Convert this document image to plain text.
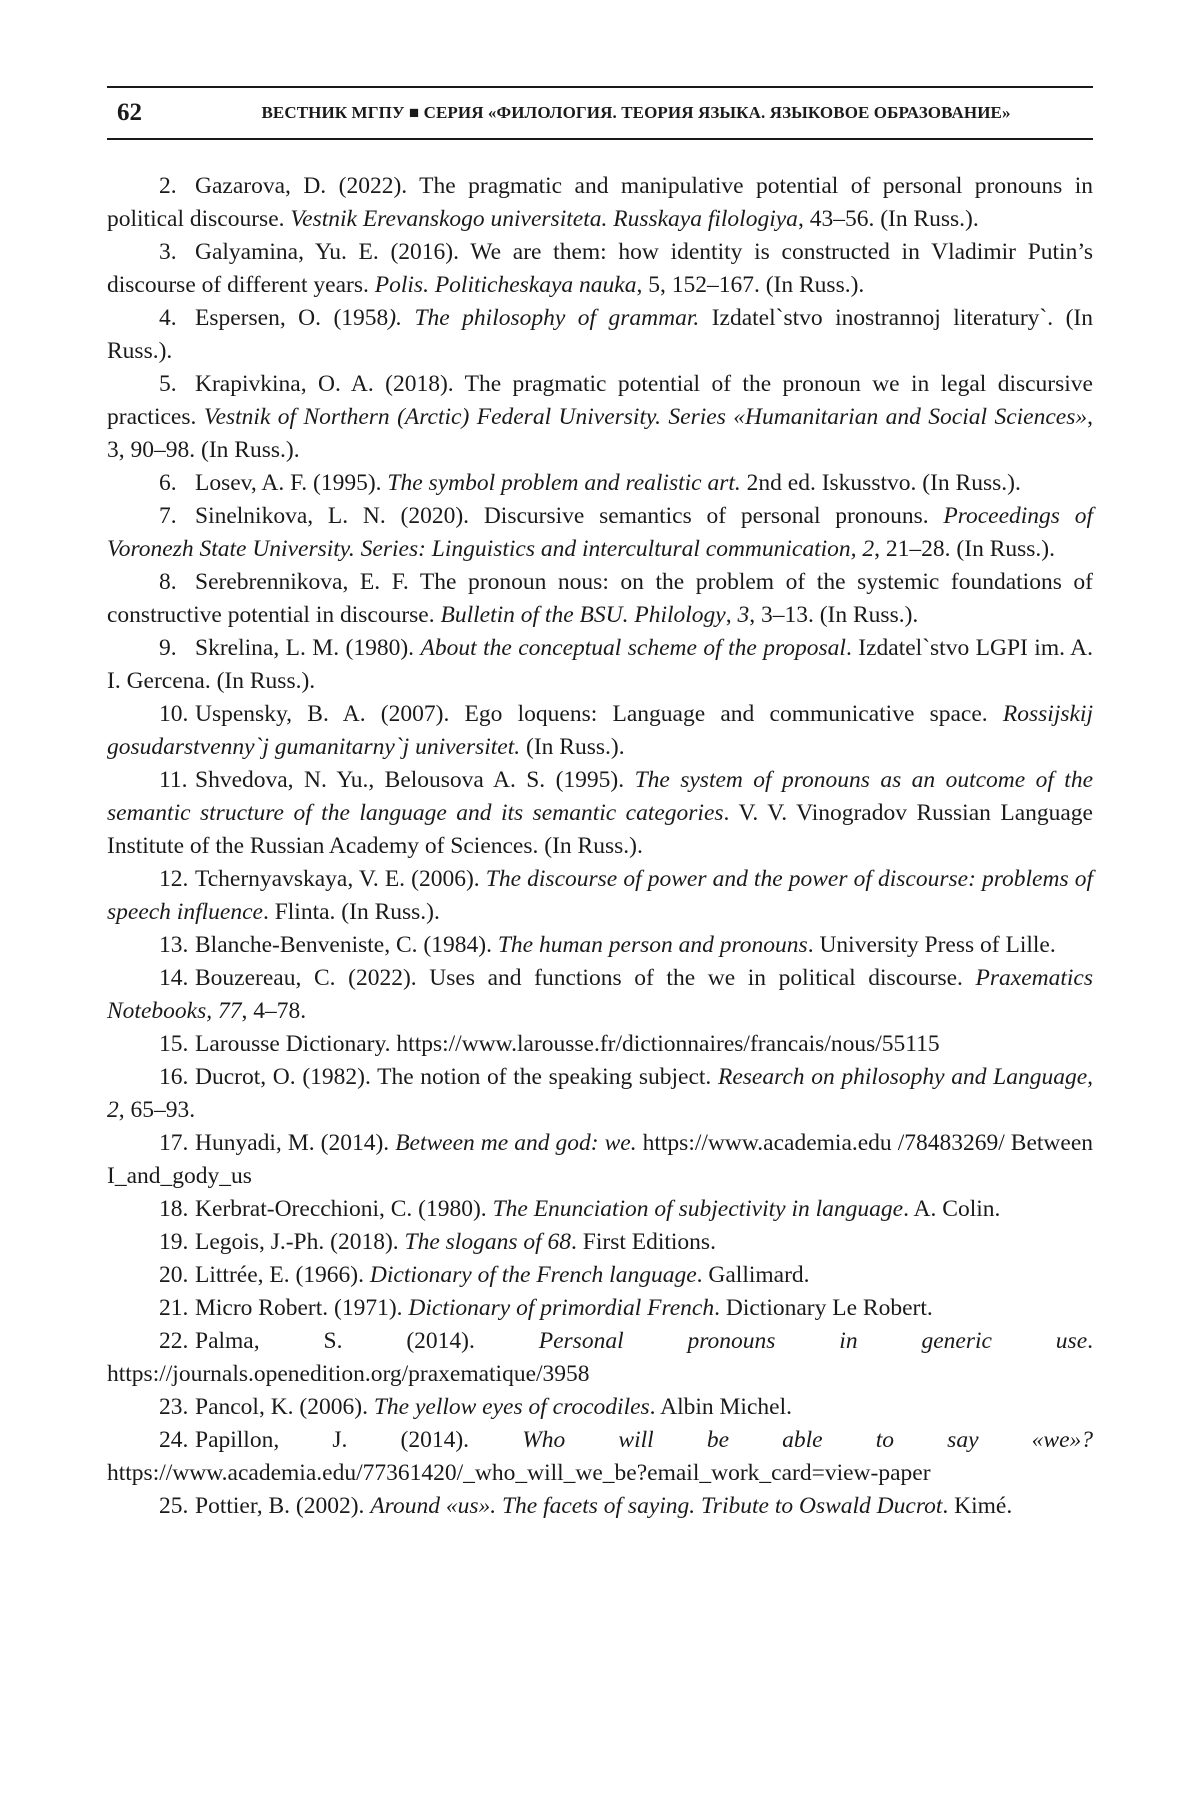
62	ВЕСТНИК МГПУ ■ СЕРИЯ «ФИЛОЛОГИЯ. ТЕОРИЯ ЯЗЫКА. ЯЗЫКОВОЕ ОБРАЗОВАНИЕ»

2. Gazarova, D. (2022). The pragmatic and manipulative potential of personal pronouns in political discourse. Vestnik Erevanskogo universiteta. Russkaya filologiya, 43–56. (In Russ.).

3. Galyamina, Yu. E. (2016). We are them: how identity is constructed in Vladimir Putin’s discourse of different years. Polis. Politicheskaya nauka, 5, 152–167. (In Russ.).

4. Espersen, O. (1958). The philosophy of grammar. Izdatel`stvo inostrannoj literatury`. (In Russ.).

5. Krapivkina, O. A. (2018). The pragmatic potential of the pronoun we in legal discursive practices. Vestnik of Northern (Arctic) Federal University. Series «Humanitarian and Social Sciences», 3, 90–98. (In Russ.).

6. Losev, A. F. (1995). The symbol problem and realistic art. 2nd ed. Iskusstvo. (In Russ.).

7. Sinelnikova, L. N. (2020). Discursive semantics of personal pronouns. Proceedings of Voronezh State University. Series: Linguistics and intercultural communication, 2, 21–28. (In Russ.).

8. Serebrennikova, E. F. The pronoun nous: on the problem of the systemic foundations of constructive potential in discourse. Bulletin of the BSU. Philology, 3, 3–13. (In Russ.).

9. Skrelina, L. M. (1980). About the conceptual scheme of the proposal. Izdatel`stvo LGPI im. A. I. Gercena. (In Russ.).

10. Uspensky, B. A. (2007). Ego loquens: Language and communicative space. Rossijskij gosudarstvenny`j gumanitarny`j universitet. (In Russ.).

11. Shvedova, N. Yu., Belousova A. S. (1995). The system of pronouns as an outcome of the semantic structure of the language and its semantic categories. V. V. Vinogradov Russian Language Institute of the Russian Academy of Sciences. (In Russ.).

12. Tchernyavskaya, V. E. (2006). The discourse of power and the power of discourse: problems of speech influence. Flinta. (In Russ.).

13. Blanche-Benveniste, C. (1984). The human person and pronouns. University Press of Lille.

14. Bouzereau, C. (2022). Uses and functions of the we in political discourse. Praxematics Notebooks, 77, 4–78.

15. Larousse Dictionary. https://www.larousse.fr/dictionnaires/francais/nous/55115

16. Ducrot, O. (1982). The notion of the speaking subject. Research on philosophy and Language, 2, 65–93.

17. Hunyadi, M. (2014). Between me and god: we. https://www.academia.edu /78483269/ Between I_and_gody_us

18. Kerbrat-Orecchioni, C. (1980). The Enunciation of subjectivity in language. A. Colin.

19. Legois, J.-Ph. (2018). The slogans of 68. First Editions.

20. Littrée, E. (1966). Dictionary of the French language. Gallimard.

21. Micro Robert. (1971). Dictionary of primordial French. Dictionary Le Robert.

22. Palma, S. (2014). Personal pronouns in generic use. https://journals.openedition.org/praxematique/3958

23. Pancol, K. (2006). The yellow eyes of crocodiles. Albin Michel.

24. Papillon, J. (2014). Who will be able to say «we»? https://www.academia.edu/77361420/_who_will_we_be?email_work_card=view-paper

25. Pottier, B. (2002). Around «us». The facets of saying. Tribute to Oswald Ducrot. Kimé.
